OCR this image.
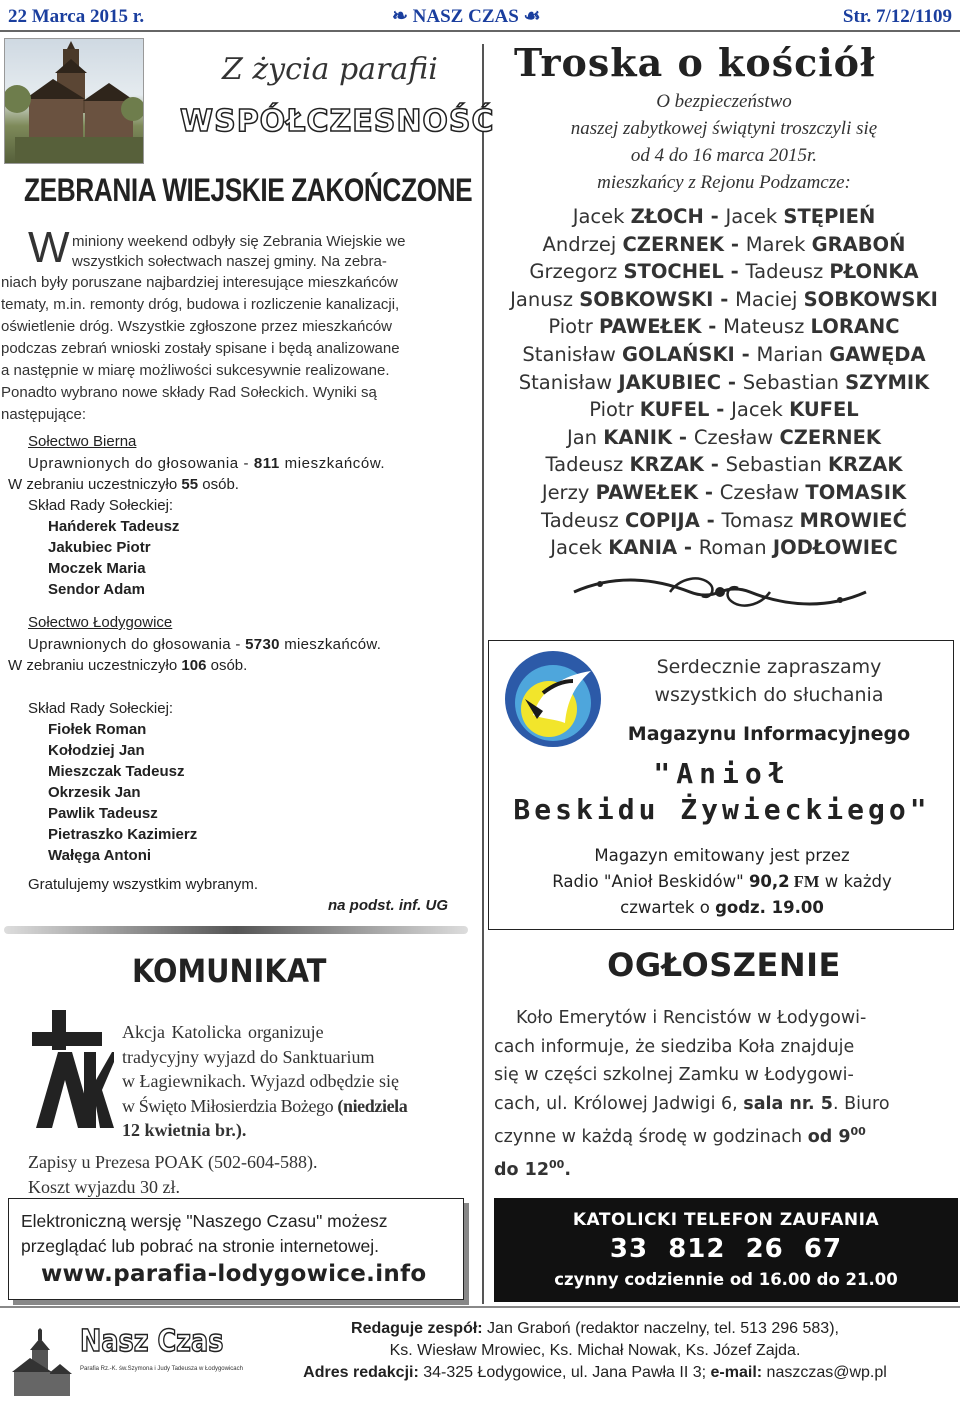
22 Marca 2015 r.	❧ NASZ CZAS ☙	Str. 7/12/1109
Z życia parafii
WSPÓŁCZESNOŚĆ
ZEBRANIA WIEJSKIE ZAKOŃCZONE
W miniony weekend odbyły się Zebrania Wiejskie we
wszystkich sołectwach naszej gminy. Na zebra-
niach były poruszane najbardziej interesujące mieszkańców
tematy, m.in. remonty dróg, budowa i rozliczenie kanalizacji,
oświetlenie dróg. Wszystkie zgłoszone przez mieszkańców
podczas zebrań wnioski zostały spisane i będą analizowane
a następnie w miarę możliwości sukcesywnie realizowane.
Ponadto wybrano nowe składy Rad Sołeckich. Wyniki są
następujące:
Sołectwo Bierna
Uprawnionych do głosowania - 811 mieszkańców.
W zebraniu uczestniczyło 55 osób.
Skład Rady Sołeckiej:
Hańderek Tadeusz
Jakubiec Piotr
Moczek Maria
Sendor Adam
Sołectwo Łodygowice
Uprawnionych do głosowania - 5730 mieszkańców.
W zebraniu uczestniczyło 106 osób.
Skład Rady Sołeckiej:
Fiołek Roman
Kołodziej Jan
Mieszczak Tadeusz
Okrzesik Jan
Pawlik Tadeusz
Pietraszko Kazimierz
Wałęga Antoni
Gratulujemy wszystkim wybranym.
na podst. inf. UG
KOMUNIKAT
Akcja Katolicka organizuje
tradycyjny wyjazd do Sanktuarium
w Łagiewnikach. Wyjazd odbędzie się
w Święto Miłosierdzia Bożego (niedziela
12 kwietnia br.).
Zapisy u Prezesa POAK (502-604-588).
Koszt wyjazdu 30 zł.
Elektroniczną wersję "Naszego Czasu" możesz
przeglądać lub pobrać na stronie internetowej.
www.parafia-lodygowice.info
Troska o kościół
O bezpieczeństwo
naszej zabytkowej świątyni troszczyli się
od 4 do 16 marca 2015r.
mieszkańcy z Rejonu Podzamcze:
Jacek ZŁOCH - Jacek STĘPIEŃ
Andrzej CZERNEK - Marek GRABOŃ
Grzegorz STOCHEL - Tadeusz PŁONKA
Janusz SOBKOWSKI - Maciej SOBKOWSKI
Piotr PAWEŁEK - Mateusz LORANC
Stanisław GOLAŃSKI - Marian GAWĘDA
Stanisław JAKUBIEC - Sebastian SZYMIK
Piotr KUFEL - Jacek KUFEL
Jan KANIK - Czesław CZERNEK
Tadeusz KRZAK - Sebastian KRZAK
Jerzy PAWEŁEK - Czesław TOMASIK
Tadeusz COPIJA - Tomasz MROWIEĆ
Jacek KANIA - Roman JODŁOWIEC
Serdecznie zapraszamy
wszystkich do słuchania
Magazynu Informacyjnego
"Anioł
Beskidu Żywieckiego"
Magazyn emitowany jest przez
Radio "Anioł Beskidów" 90,2 FM w każdy
czwartek o godz. 19.00
OGŁOSZENIE
Koło Emerytów i Rencistów w Łodygowi-
cach informuje, że siedziba Koła znajduje
się w części szkolnej Zamku w Łodygowi-
cach, ul. Królowej Jadwigi 6, sala nr. 5. Biuro
czynne w każdą środę w godzinach od $9^{00}$
do $12^{00}$.
KATOLICKI TELEFON ZAUFANIA
33  812  26  67
czynny codziennie od 16.00 do 21.00
Nasz Czas
Parafia Rz.-K. św.Szymona i Judy Tadeusza w Łodygowicach
Redaguje zespół: Jan Graboń (redaktor naczelny, tel. 513 296 583),
Ks. Wiesław Mrowiec, Ks. Michał Nowak, Ks. Józef Zajda.
Adres redakcji: 34-325 Łodygowice, ul. Jana Pawła II 3; e-mail: naszczas@wp.pl
